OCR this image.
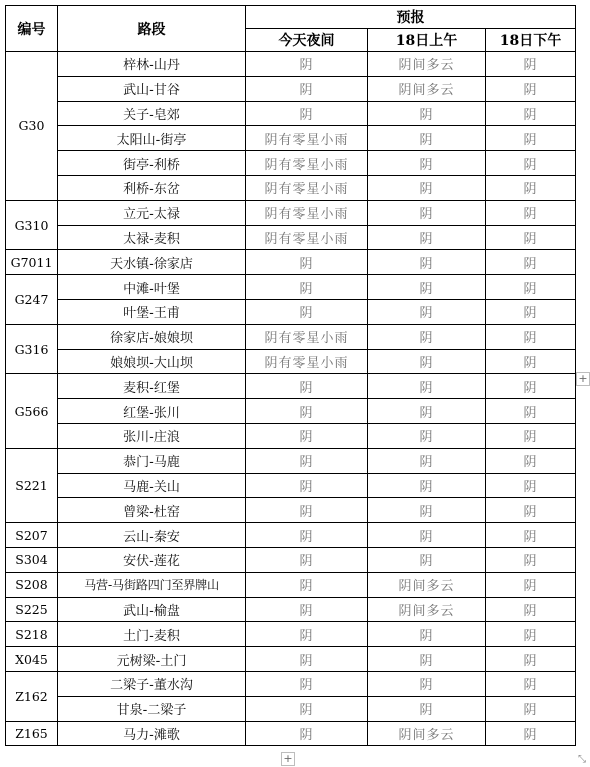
编号	路段	预报		
		今天夜间	18日上午	18日下午
G30	梓林-山丹	阴	阴间多云	阴
	武山-甘谷	阴	阴间多云	阴
	关子-皂郊	阴	阴	阴
	太阳山-街亭	阴有零星小雨	阴	阴
	街亭-利桥	阴有零星小雨	阴	阴
	利桥-东岔	阴有零星小雨	阴	阴
G310	立元-太禄	阴有零星小雨	阴	阴
	太禄-麦积	阴有零星小雨	阴	阴
G7011	天水镇-徐家店	阴	阴	阴
G247	中滩-叶堡	阴	阴	阴
	叶堡-王甫	阴	阴	阴
G316	徐家店-娘娘坝	阴有零星小雨	阴	阴
	娘娘坝-大山坝	阴有零星小雨	阴	阴
G566	麦积-红堡	阴	阴	阴
	红堡-张川	阴	阴	阴
	张川-庄浪	阴	阴	阴
S221	恭门-马鹿	阴	阴	阴
	马鹿-关山	阴	阴	阴
	曾梁-杜窑	阴	阴	阴
S207	云山-秦安	阴	阴	阴
S304	安伏-莲花	阴	阴	阴
S208	马营-马街路四门至界牌山	阴	阴间多云	阴
S225	武山-榆盘	阴	阴间多云	阴
S218	土门-麦积	阴	阴	阴
X045	元树梁-土门	阴	阴	阴
Z162	二梁子-董水沟	阴	阴	阴
	甘泉-二梁子	阴	阴	阴
Z165	马力-滩歌	阴	阴间多云	阴
+
+	⤡
